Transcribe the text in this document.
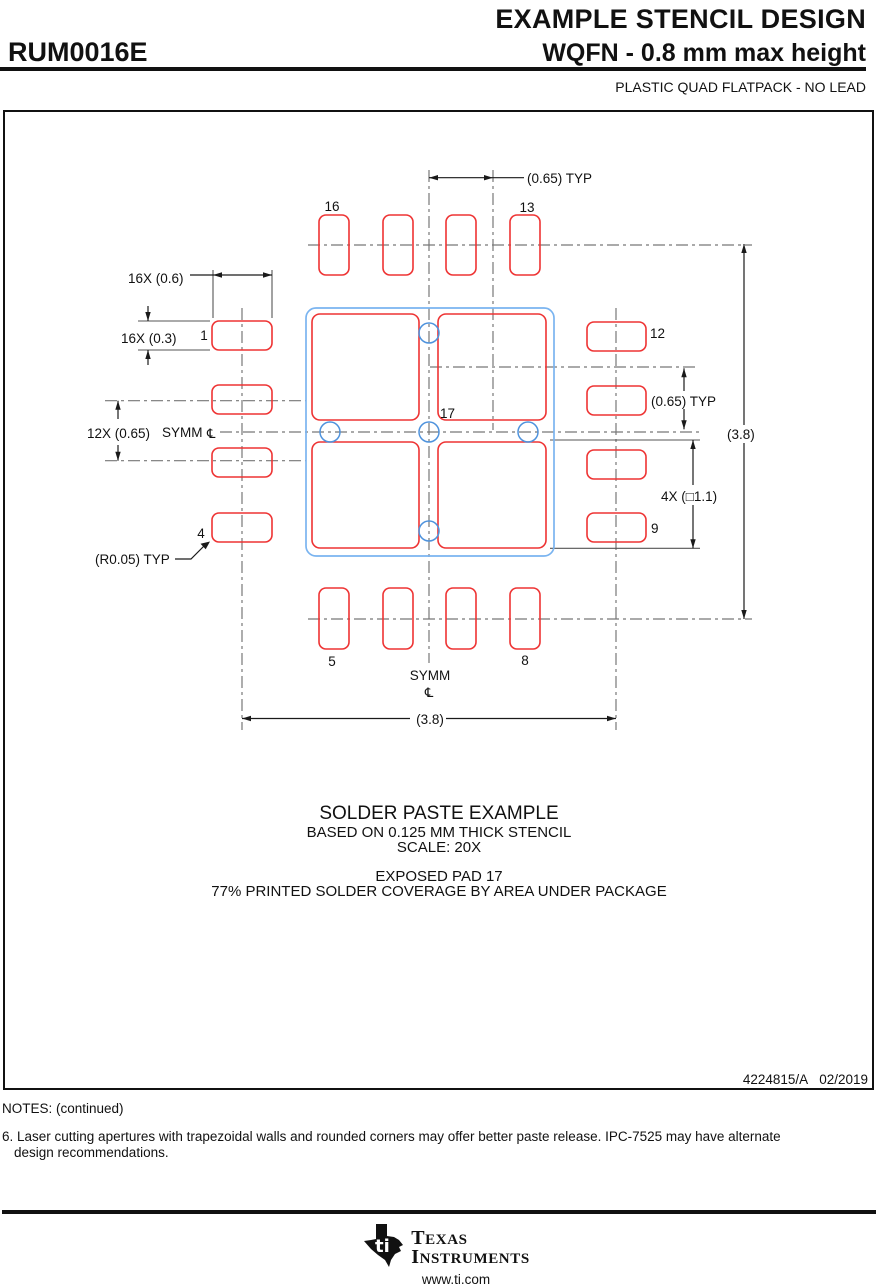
EXAMPLE STENCIL DESIGN
RUM0016E	WQFN - 0.8 mm max height
PLASTIC QUAD FLATPACK - NO LEAD
16	13
1
4
5	8
9
12
17
(0.65) TYP
16X (0.6)
16X (0.3)
12X (0.65)
(0.65) TYP
4X (□1.1)
(3.8)
(3.8)
(R0.05) TYP
SYMM ℄
SYMM
℄
SOLDER PASTE EXAMPLE
BASED ON 0.125 MM THICK STENCIL
SCALE: 20X
EXPOSED PAD 17
77% PRINTED SOLDER COVERAGE BY AREA UNDER PACKAGE
4224815/A 02/2019
NOTES: (continued)
6. Laser cutting apertures with trapezoidal walls and rounded corners may offer better paste release. IPC-7525 may have alternate
design recommendations.
ti TEXAS
INSTRUMENTS
www.ti.com
